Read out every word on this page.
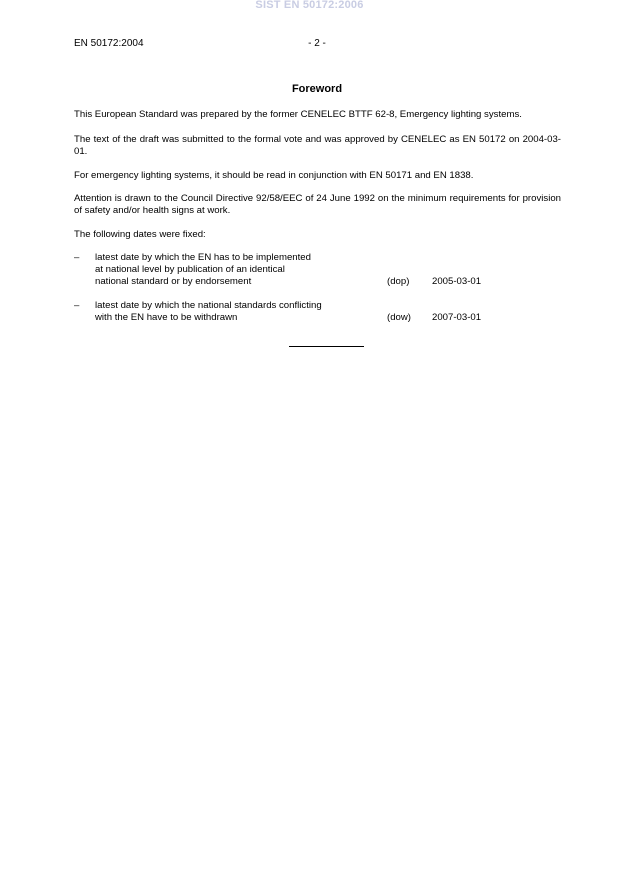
SIST EN 50172:2006
EN 50172:2004	- 2 -
Foreword
This European Standard was prepared by the former CENELEC BTTF 62-8, Emergency lighting systems.
The text of the draft was submitted to the formal vote and was approved by CENELEC as EN 50172 on 2004-03-01.
For emergency lighting systems, it should be read in conjunction with EN 50171 and EN 1838.
Attention is drawn to the Council Directive 92/58/EEC of 24 June 1992 on the minimum requirements for provision of safety and/or health signs at work.
The following dates were fixed:
– latest date by which the EN has to be implemented
at national level by publication of an identical
national standard or by endorsement	(dop)	2005-03-01
– latest date by which the national standards conflicting
with the EN have to be withdrawn	(dow)	2007-03-01
